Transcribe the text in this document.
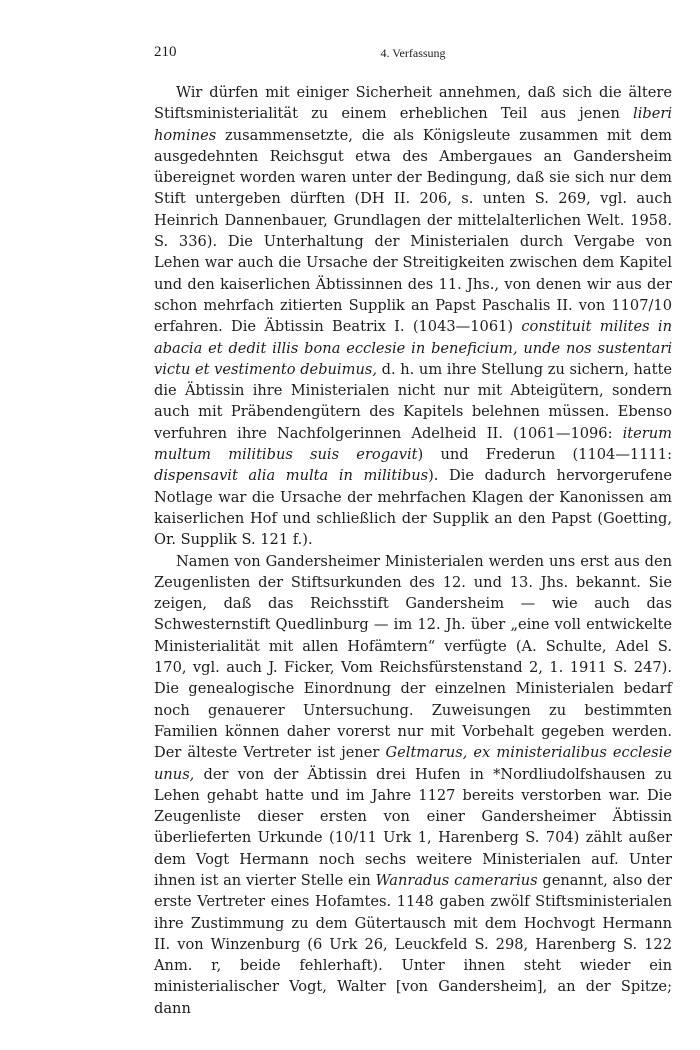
210	4. Verfassung

Wir dürfen mit einiger Sicherheit annehmen, daß sich die ältere Stiftsministerialität zu einem erheblichen Teil aus jenen liberi homines zusammensetzte, die als Königsleute zusammen mit dem ausgedehnten Reichsgut etwa des Ambergaues an Gandersheim übereignet worden waren unter der Bedingung, daß sie sich nur dem Stift untergeben dürften (DH II. 206, s. unten S. 269, vgl. auch Heinrich Dannenbauer, Grundlagen der mittelalterlichen Welt. 1958. S. 336). Die Unterhaltung der Ministerialen durch Vergabe von Lehen war auch die Ursache der Streitigkeiten zwischen dem Kapitel und den kaiserlichen Äbtissinnen des 11. Jhs., von denen wir aus der schon mehrfach zitierten Supplik an Papst Paschalis II. von 1107/10 erfahren. Die Äbtissin Beatrix I. (1043—1061) constituit milites in abacia et dedit illis bona ecclesie in beneficium, unde nos sustentari victu et vestimento debuimus, d. h. um ihre Stellung zu sichern, hatte die Äbtissin ihre Ministerialen nicht nur mit Abteigütern, sondern auch mit Präbendengütern des Kapitels belehnen müssen. Ebenso verfuhren ihre Nachfolgerinnen Adelheid II. (1061—1096: iterum multum militibus suis erogavit) und Frederun (1104—1111: dispensavit alia multa in militibus). Die dadurch hervorgerufene Notlage war die Ursache der mehrfachen Klagen der Kanonissen am kaiserlichen Hof und schließlich der Supplik an den Papst (Goetting, Or. Supplik S. 121 f.).

Namen von Gandersheimer Ministerialen werden uns erst aus den Zeugenlisten der Stiftsurkunden des 12. und 13. Jhs. bekannt. Sie zeigen, daß das Reichsstift Gandersheim — wie auch das Schwesternstift Quedlinburg — im 12. Jh. über „eine voll entwickelte Ministerialität mit allen Hofämtern“ verfügte (A. Schulte, Adel S. 170, vgl. auch J. Ficker, Vom Reichsfürstenstand 2, 1. 1911 S. 247). Die genealogische Einordnung der einzelnen Ministerialen bedarf noch genauerer Untersuchung. Zuweisungen zu bestimmten Familien können daher vorerst nur mit Vorbehalt gegeben werden. Der älteste Vertreter ist jener Geltmarus, ex ministerialibus ecclesie unus, der von der Äbtissin drei Hufen in *Nordliudolfshausen zu Lehen gehabt hatte und im Jahre 1127 bereits verstorben war. Die Zeugenliste dieser ersten von einer Gandersheimer Äbtissin überlieferten Urkunde (10/11 Urk 1, Harenberg S. 704) zählt außer dem Vogt Hermann noch sechs weitere Ministerialen auf. Unter ihnen ist an vierter Stelle ein Wanradus camerarius genannt, also der erste Vertreter eines Hofamtes. 1148 gaben zwölf Stiftsministerialen ihre Zustimmung zu dem Gütertausch mit dem Hochvogt Hermann II. von Winzenburg (6 Urk 26, Leuckfeld S. 298, Harenberg S. 122 Anm. r, beide fehlerhaft). Unter ihnen steht wieder ein ministerialischer Vogt, Walter [von Gandersheim], an der Spitze; dann
